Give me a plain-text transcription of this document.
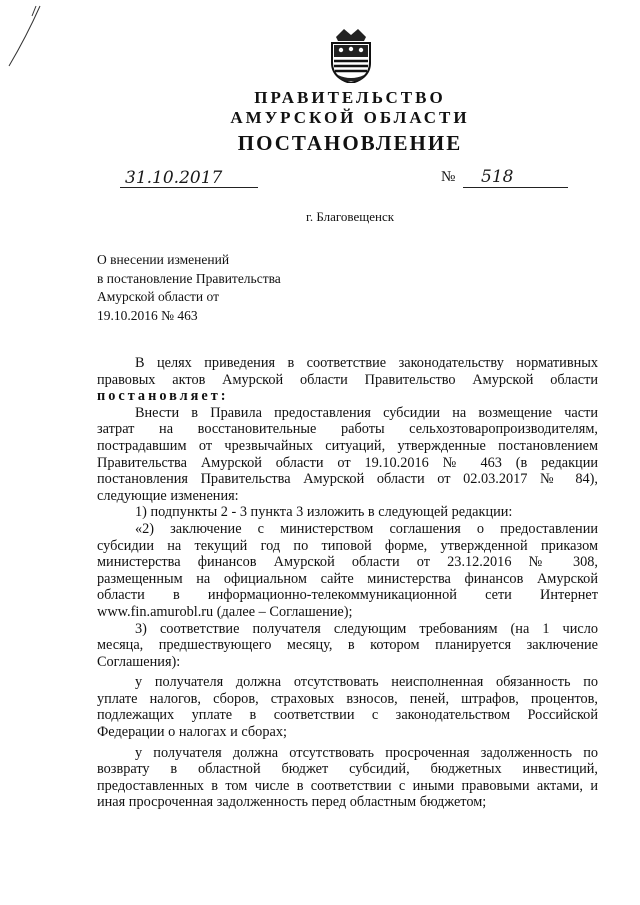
ПРАВИТЕЛЬСТВО
АМУРСКОЙ ОБЛАСТИ
ПОСТАНОВЛЕНИЕ
31.10.2017	№ 518
г. Благовещенск
О внесении изменений
в постановление Правительства
Амурской области от
19.10.2016 № 463
В целях приведения в соответствие законодательству нормативных
правовых актов Амурской области Правительство Амурской области
постановляет:
Внести в Правила предоставления субсидии на возмещение части
затрат на восстановительные работы сельхозтоваропроизводителям,
пострадавшим от чрезвычайных ситуаций, утвержденные постановлением
Правительства Амурской области от 19.10.2016 № 463 (в редакции
постановления Правительства Амурской области от 02.03.2017 № 84),
следующие изменения:
1) подпункты 2 - 3 пункта 3 изложить в следующей редакции:
«2) заключение с министерством соглашения о предоставлении
субсидии на текущий год по типовой форме, утвержденной приказом
министерства финансов Амурской области от 23.12.2016 № 308,
размещенным на официальном сайте министерства финансов Амурской
области в информационно-телекоммуникационной сети Интернет
www.fin.amurobl.ru (далее – Соглашение);
3) соответствие получателя следующим требованиям (на 1 число
месяца, предшествующего месяцу, в котором планируется заключение
Соглашения):
у получателя должна отсутствовать неисполненная обязанность по
уплате налогов, сборов, страховых взносов, пеней, штрафов, процентов,
подлежащих уплате в соответствии с законодательством Российской
Федерации о налогах и сборах;
у получателя должна отсутствовать просроченная задолженность по
возврату в областной бюджет субсидий, бюджетных инвестиций,
предоставленных в том числе в соответствии с иными правовыми актами, и
иная просроченная задолженность перед областным бюджетом;
